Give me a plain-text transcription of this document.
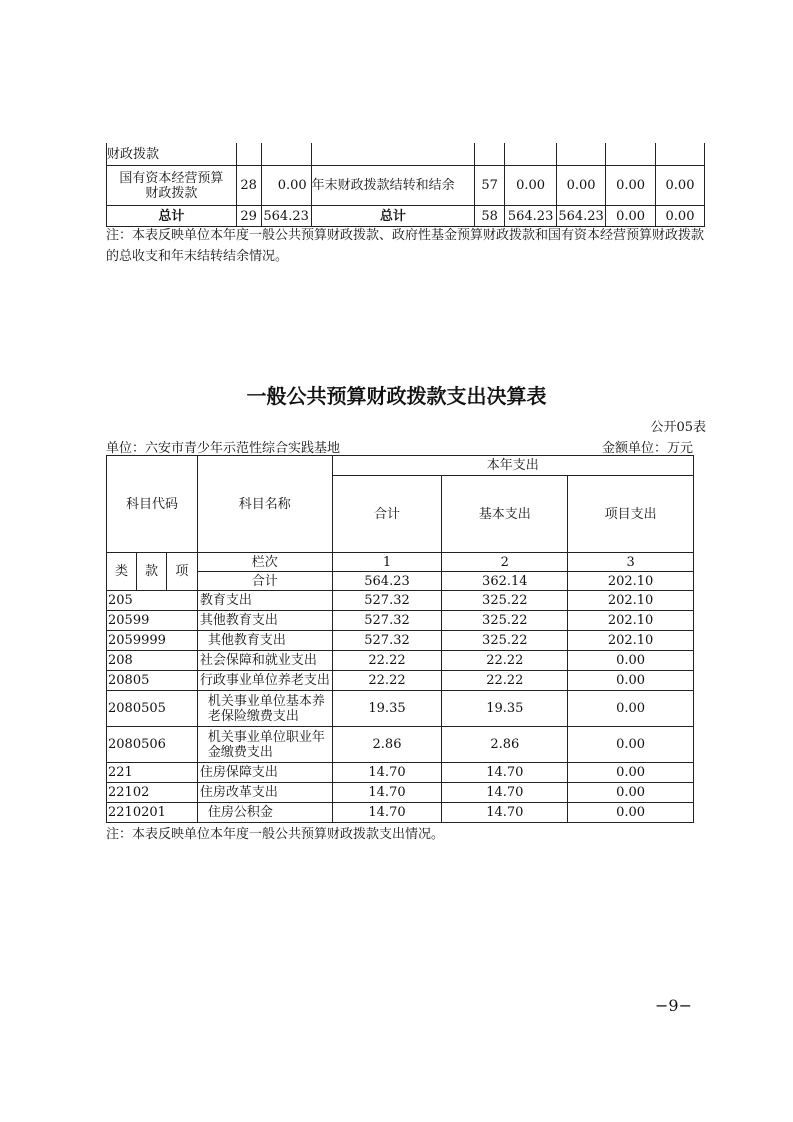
财政拨款								
国有资本经营预算财政拨款	28	0.00	年末财政拨款结转和结余	57	0.00	0.00	0.00	0.00
总计	29	564.23	总计	58	564.23	564.23	0.00	0.00
注：本表反映单位本年度一般公共预算财政拨款、政府性基金预算财政拨款和国有资本经营预算财政拨款的总收支和年末结转结余情况。
一般公共预算财政拨款支出决算表
公开05表
单位：六安市青少年示范性综合实践基地	金额单位：万元
科目代码			科目名称	本年支出		
				合计	基本支出	项目支出
类	款	项	栏次	1	2	3
			合计	564.23	362.14	202.10
205			教育支出	527.32	325.22	202.10
20599			其他教育支出	527.32	325.22	202.10
2059999			其他教育支出	527.32	325.22	202.10
208			社会保障和就业支出	22.22	22.22	0.00
20805			行政事业单位养老支出	22.22	22.22	0.00
2080505			机关事业单位基本养老保险缴费支出	19.35	19.35	0.00
2080506			机关事业单位职业年金缴费支出	2.86	2.86	0.00
221			住房保障支出	14.70	14.70	0.00
22102			住房改革支出	14.70	14.70	0.00
2210201			住房公积金	14.70	14.70	0.00
注：本表反映单位本年度一般公共预算财政拨款支出情况。
−9−
